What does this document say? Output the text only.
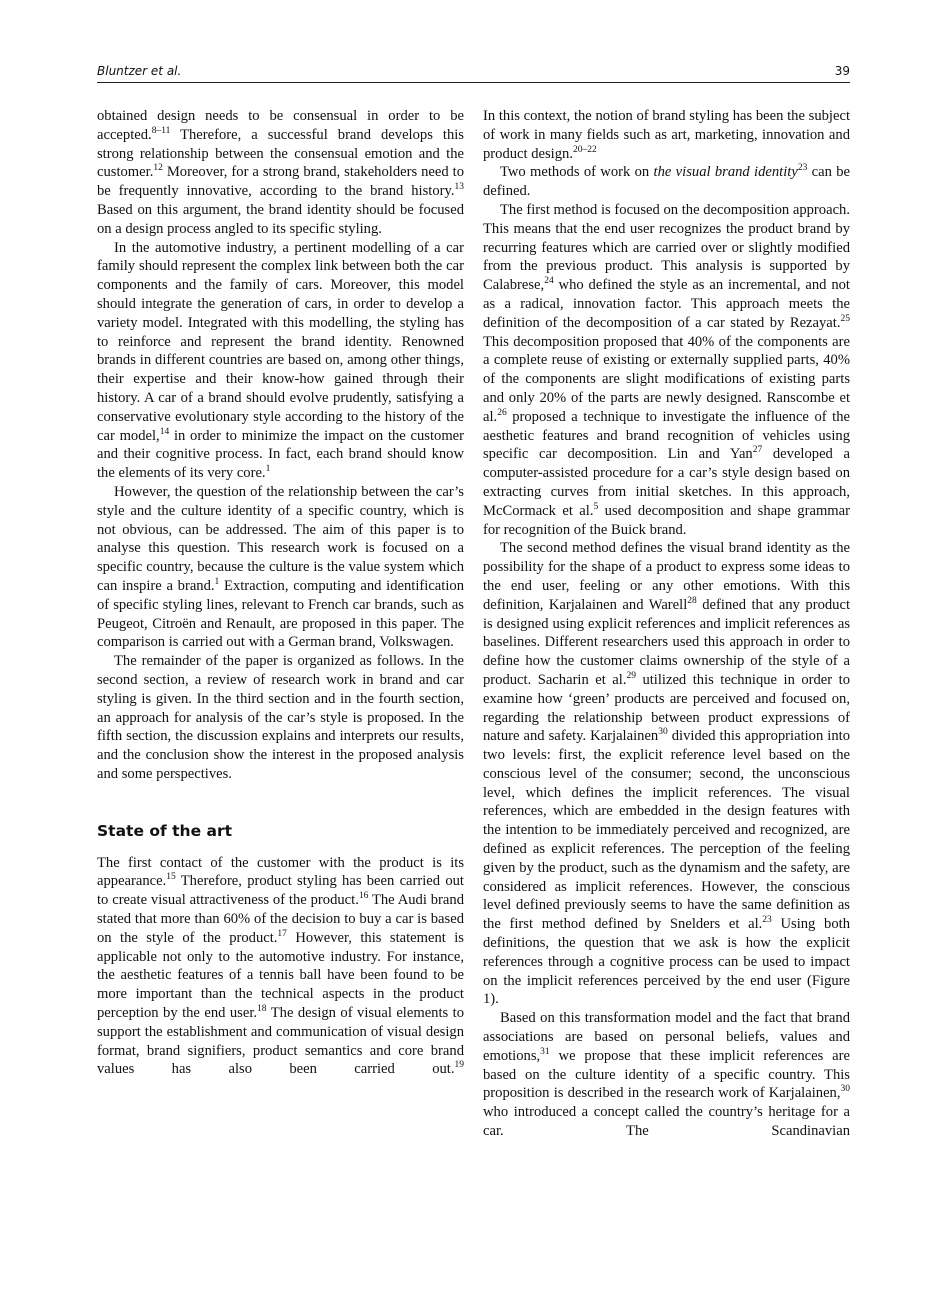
Bluntzer et al.	39

obtained design needs to be consensual in order to be accepted.$^{8-11}$ Therefore, a successful brand develops this strong relationship between the consensual emotion and the customer.$^{12}$ Moreover, for a strong brand, stakeholders need to be frequently innovative, according to the brand history.$^{13}$ Based on this argument, the brand identity should be focused on a design process angled to its specific styling.

In the automotive industry, a pertinent modelling of a car family should represent the complex link between both the car components and the family of cars. Moreover, this model should integrate the generation of cars, in order to develop a variety model. Integrated with this modelling, the styling has to reinforce and represent the brand identity. Renowned brands in different countries are based on, among other things, their expertise and their know-how gained through their history. A car of a brand should evolve prudently, satisfying a conservative evolutionary style according to the history of the car model,$^{14}$ in order to minimize the impact on the customer and their cognitive process. In fact, each brand should know the elements of its very core.$^1$

However, the question of the relationship between the car’s style and the culture identity of a specific country, which is not obvious, can be addressed. The aim of this paper is to analyse this question. This research work is focused on a specific country, because the culture is the value system which can inspire a brand.$^1$ Extraction, computing and identification of specific styling lines, relevant to French car brands, such as Peugeot, Citroën and Renault, are proposed in this paper. The comparison is carried out with a German brand, Volkswagen.

The remainder of the paper is organized as follows. In the second section, a review of research work in brand and car styling is given. In the third section and in the fourth section, an approach for analysis of the car’s style is proposed. In the fifth section, the discussion explains and interprets our results, and the conclusion show the interest in the proposed analysis and some perspectives.

State of the art

The first contact of the customer with the product is its appearance.$^{15}$ Therefore, product styling has been carried out to create visual attractiveness of the product.$^{16}$ The Audi brand stated that more than 60% of the decision to buy a car is based on the style of the product.$^{17}$ However, this statement is applicable not only to the automotive industry. For instance, the aesthetic features of a tennis ball have been found to be more important than the technical aspects in the product perception by the end user.$^{18}$ The design of visual elements to support the establishment and communication of visual design format, brand signifiers, product semantics and core brand values has also been carried out.$^{19}$

In this context, the notion of brand styling has been the subject of work in many fields such as art, marketing, innovation and product design.$^{20-22}$

Two methods of work on the visual brand identity$^{23}$ can be defined.

The first method is focused on the decomposition approach. This means that the end user recognizes the product brand by recurring features which are carried over or slightly modified from the previous product. This analysis is supported by Calabrese,$^{24}$ who defined the style as an incremental, and not as a radical, innovation factor. This approach meets the definition of the decomposition of a car stated by Rezayat.$^{25}$ This decomposition proposed that 40% of the components are a complete reuse of existing or externally supplied parts, 40% of the components are slight modifications of existing parts and only 20% of the parts are newly designed. Ranscombe et al.$^{26}$ proposed a technique to investigate the influence of the aesthetic features and brand recognition of vehicles using specific car decomposition. Lin and Yan$^{27}$ developed a computer-assisted procedure for a car’s style design based on extracting curves from initial sketches. In this approach, McCormack et al.$^5$ used decomposition and shape grammar for recognition of the Buick brand.

The second method defines the visual brand identity as the possibility for the shape of a product to express some ideas to the end user, feeling or any other emotions. With this definition, Karjalainen and Warell$^{28}$ defined that any product is designed using explicit references and implicit references as baselines. Different researchers used this approach in order to define how the customer claims ownership of the style of a product. Sacharin et al.$^{29}$ utilized this technique in order to examine how ‘green’ products are perceived and focused on, regarding the relationship between product expressions of nature and safety. Karjalainen$^{30}$ divided this appropriation into two levels: first, the explicit reference level based on the conscious level of the consumer; second, the unconscious level, which defines the implicit references. The visual references, which are embedded in the design features with the intention to be immediately perceived and recognized, are defined as explicit references. The perception of the feeling given by the product, such as the dynamism and the safety, are considered as implicit references. However, the conscious level defined previously seems to have the same definition as the first method defined by Snelders et al.$^{23}$ Using both definitions, the question that we ask is how the explicit references through a cognitive process can be used to impact on the implicit references perceived by the end user (Figure 1).

Based on this transformation model and the fact that brand associations are based on personal beliefs, values and emotions,$^{31}$ we propose that these implicit references are based on the culture identity of a specific country. This proposition is described in the research work of Karjalainen,$^{30}$ who introduced a concept called the country’s heritage for a car. The Scandinavian
